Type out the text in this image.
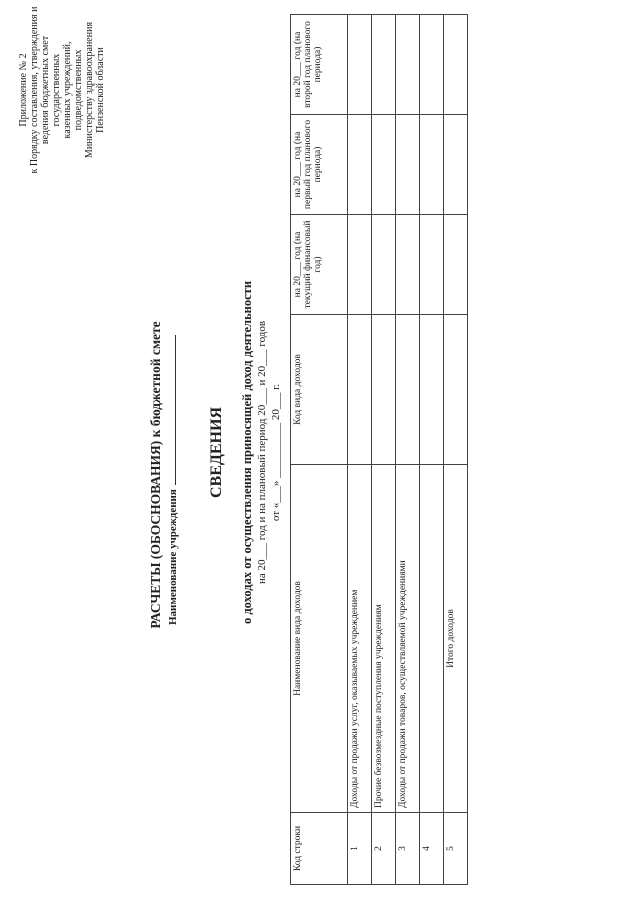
Приложение № 2 к Порядку составления, утверждения и ведения бюджетных смет государственных казенных учреждений, подведомственных Министерству здравоохранения Пензенской области
РАСЧЕТЫ (ОБОСНОВАНИЯ) к бюджетной смете Наименование учреждения
СВЕДЕНИЯ о доходах от осуществления приносящей доход деятельности на 20___ год и на плановый период 20___ и 20___ годов от «___» __________ 20___ г.
Код строки	Наименование вида доходов	Код вида доходов	на 20___ год (на текущий финансовый год)	на 20___ год (на первый год планового периода)	на 20___ год (на второй год планового периода)
1	Доходы от продажи услуг, оказываемых учреждением				
2	Прочие безвозмездные поступления учреждениям				
3	Доходы от продажи товаров, осуществляемой учреждениями				
4					
5	Итого доходов				
